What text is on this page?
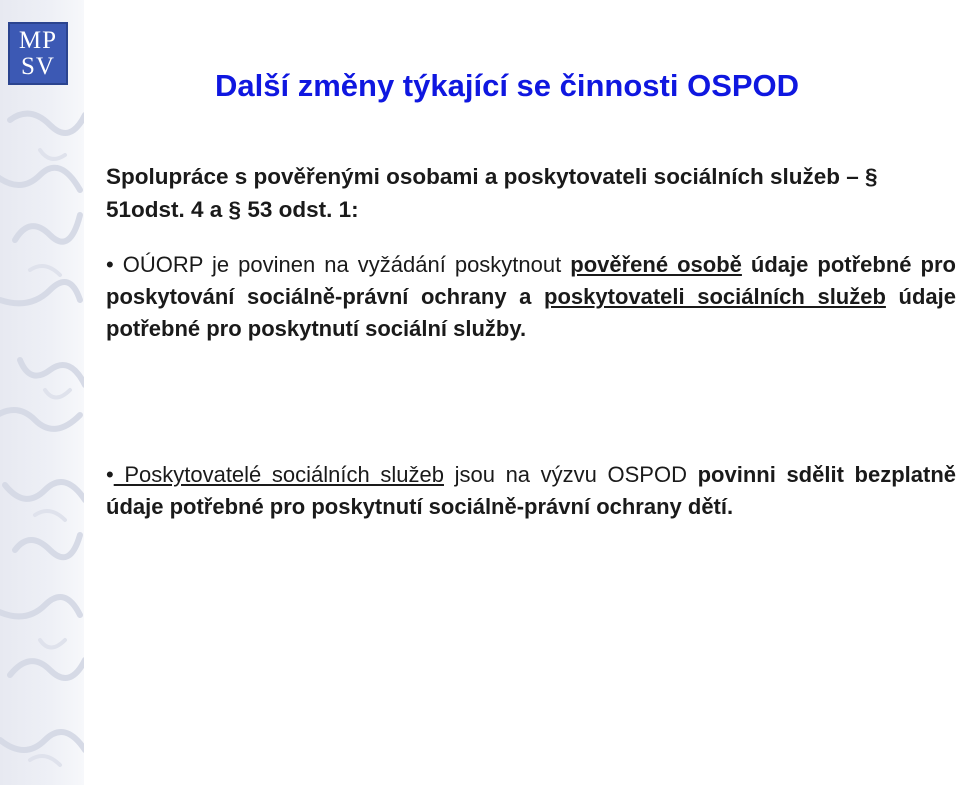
MP
SV
Další změny týkající se činnosti OSPOD

Spolupráce s pověřenými osobami a poskytovateli sociálních služeb – § 51odst. 4 a § 53 odst. 1:

• OÚORP je povinen na vyžádání poskytnout pověřené osobě údaje potřebné pro poskytování sociálně-právní ochrany a poskytovateli sociálních služeb údaje potřebné pro poskytnutí sociální služby.

• Poskytovatelé sociálních služeb jsou na výzvu OSPOD povinni sdělit bezplatně údaje potřebné pro poskytnutí sociálně-právní ochrany dětí.
